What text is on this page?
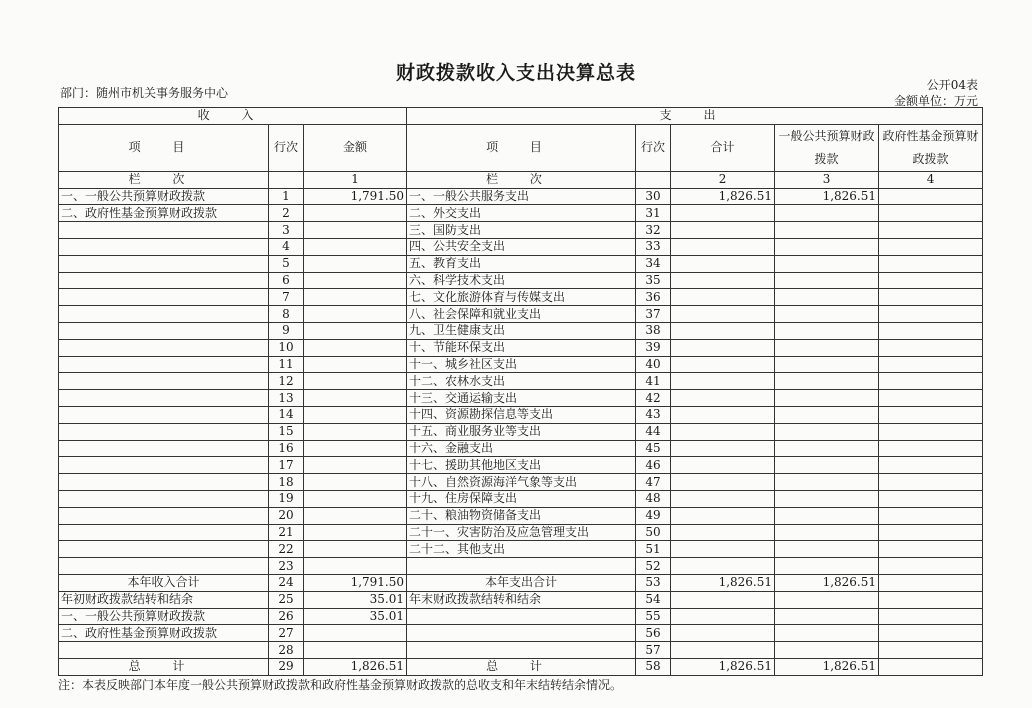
财政拨款收入支出决算总表
部门：随州市机关事务服务中心
公开04表
金额单位：万元
收 入			支 出				
项 目	行次	金额	项 目	行次	合计	一般公共预算财政拨款	政府性基金预算财政拨款
栏 次		1	栏 次		2	3	4
一、一般公共预算财政拨款	1	1,791.50	一、一般公共服务支出	30	1,826.51	1,826.51	
二、政府性基金预算财政拨款	2		二、外交支出	31			
	3		三、国防支出	32			
	4		四、公共安全支出	33			
	5		五、教育支出	34			
	6		六、科学技术支出	35			
	7		七、文化旅游体育与传媒支出	36			
	8		八、社会保障和就业支出	37			
	9		九、卫生健康支出	38			
	10		十、节能环保支出	39			
	11		十一、城乡社区支出	40			
	12		十二、农林水支出	41			
	13		十三、交通运输支出	42			
	14		十四、资源勘探信息等支出	43			
	15		十五、商业服务业等支出	44			
	16		十六、金融支出	45			
	17		十七、援助其他地区支出	46			
	18		十八、自然资源海洋气象等支出	47			
	19		十九、住房保障支出	48			
	20		二十、粮油物资储备支出	49			
	21		二十一、灾害防治及应急管理支出	50			
	22		二十二、其他支出	51			
	23			52			
本年收入合计	24	1,791.50	本年支出合计	53	1,826.51	1,826.51	
年初财政拨款结转和结余	25	35.01	年末财政拨款结转和结余	54			
一、一般公共预算财政拨款	26	35.01		55			
二、政府性基金预算财政拨款	27			56			
	28			57			
总 计	29	1,826.51	总 计	58	1,826.51	1,826.51	
注：本表反映部门本年度一般公共预算财政拨款和政府性基金预算财政拨款的总收支和年末结转结余情况。
